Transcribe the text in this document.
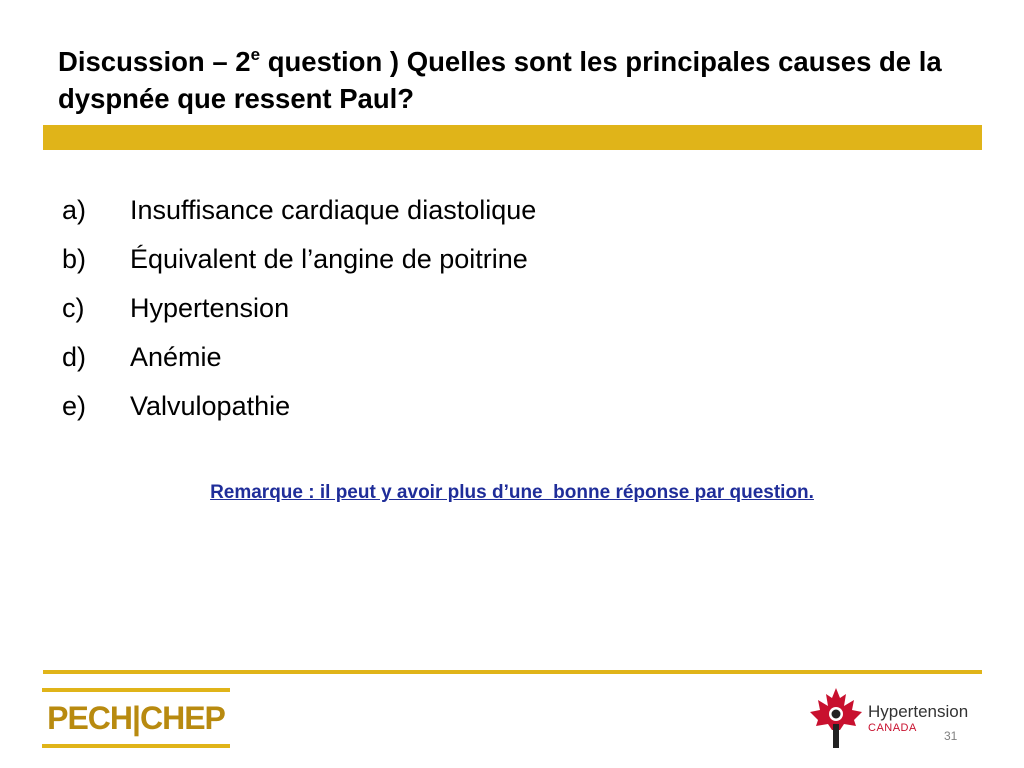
Discussion – 2e question ) Quelles sont les principales causes de la dyspnée que ressent Paul?
a)	Insuffisance cardiaque diastolique
b)	Équivalent de l’angine de poitrine
c)	Hypertension
d)	Anémie
e)	Valvulopathie
Remarque : il peut y avoir plus d’une  bonne réponse par question.
PECH|CHEP	Hypertension
CANADA
31
